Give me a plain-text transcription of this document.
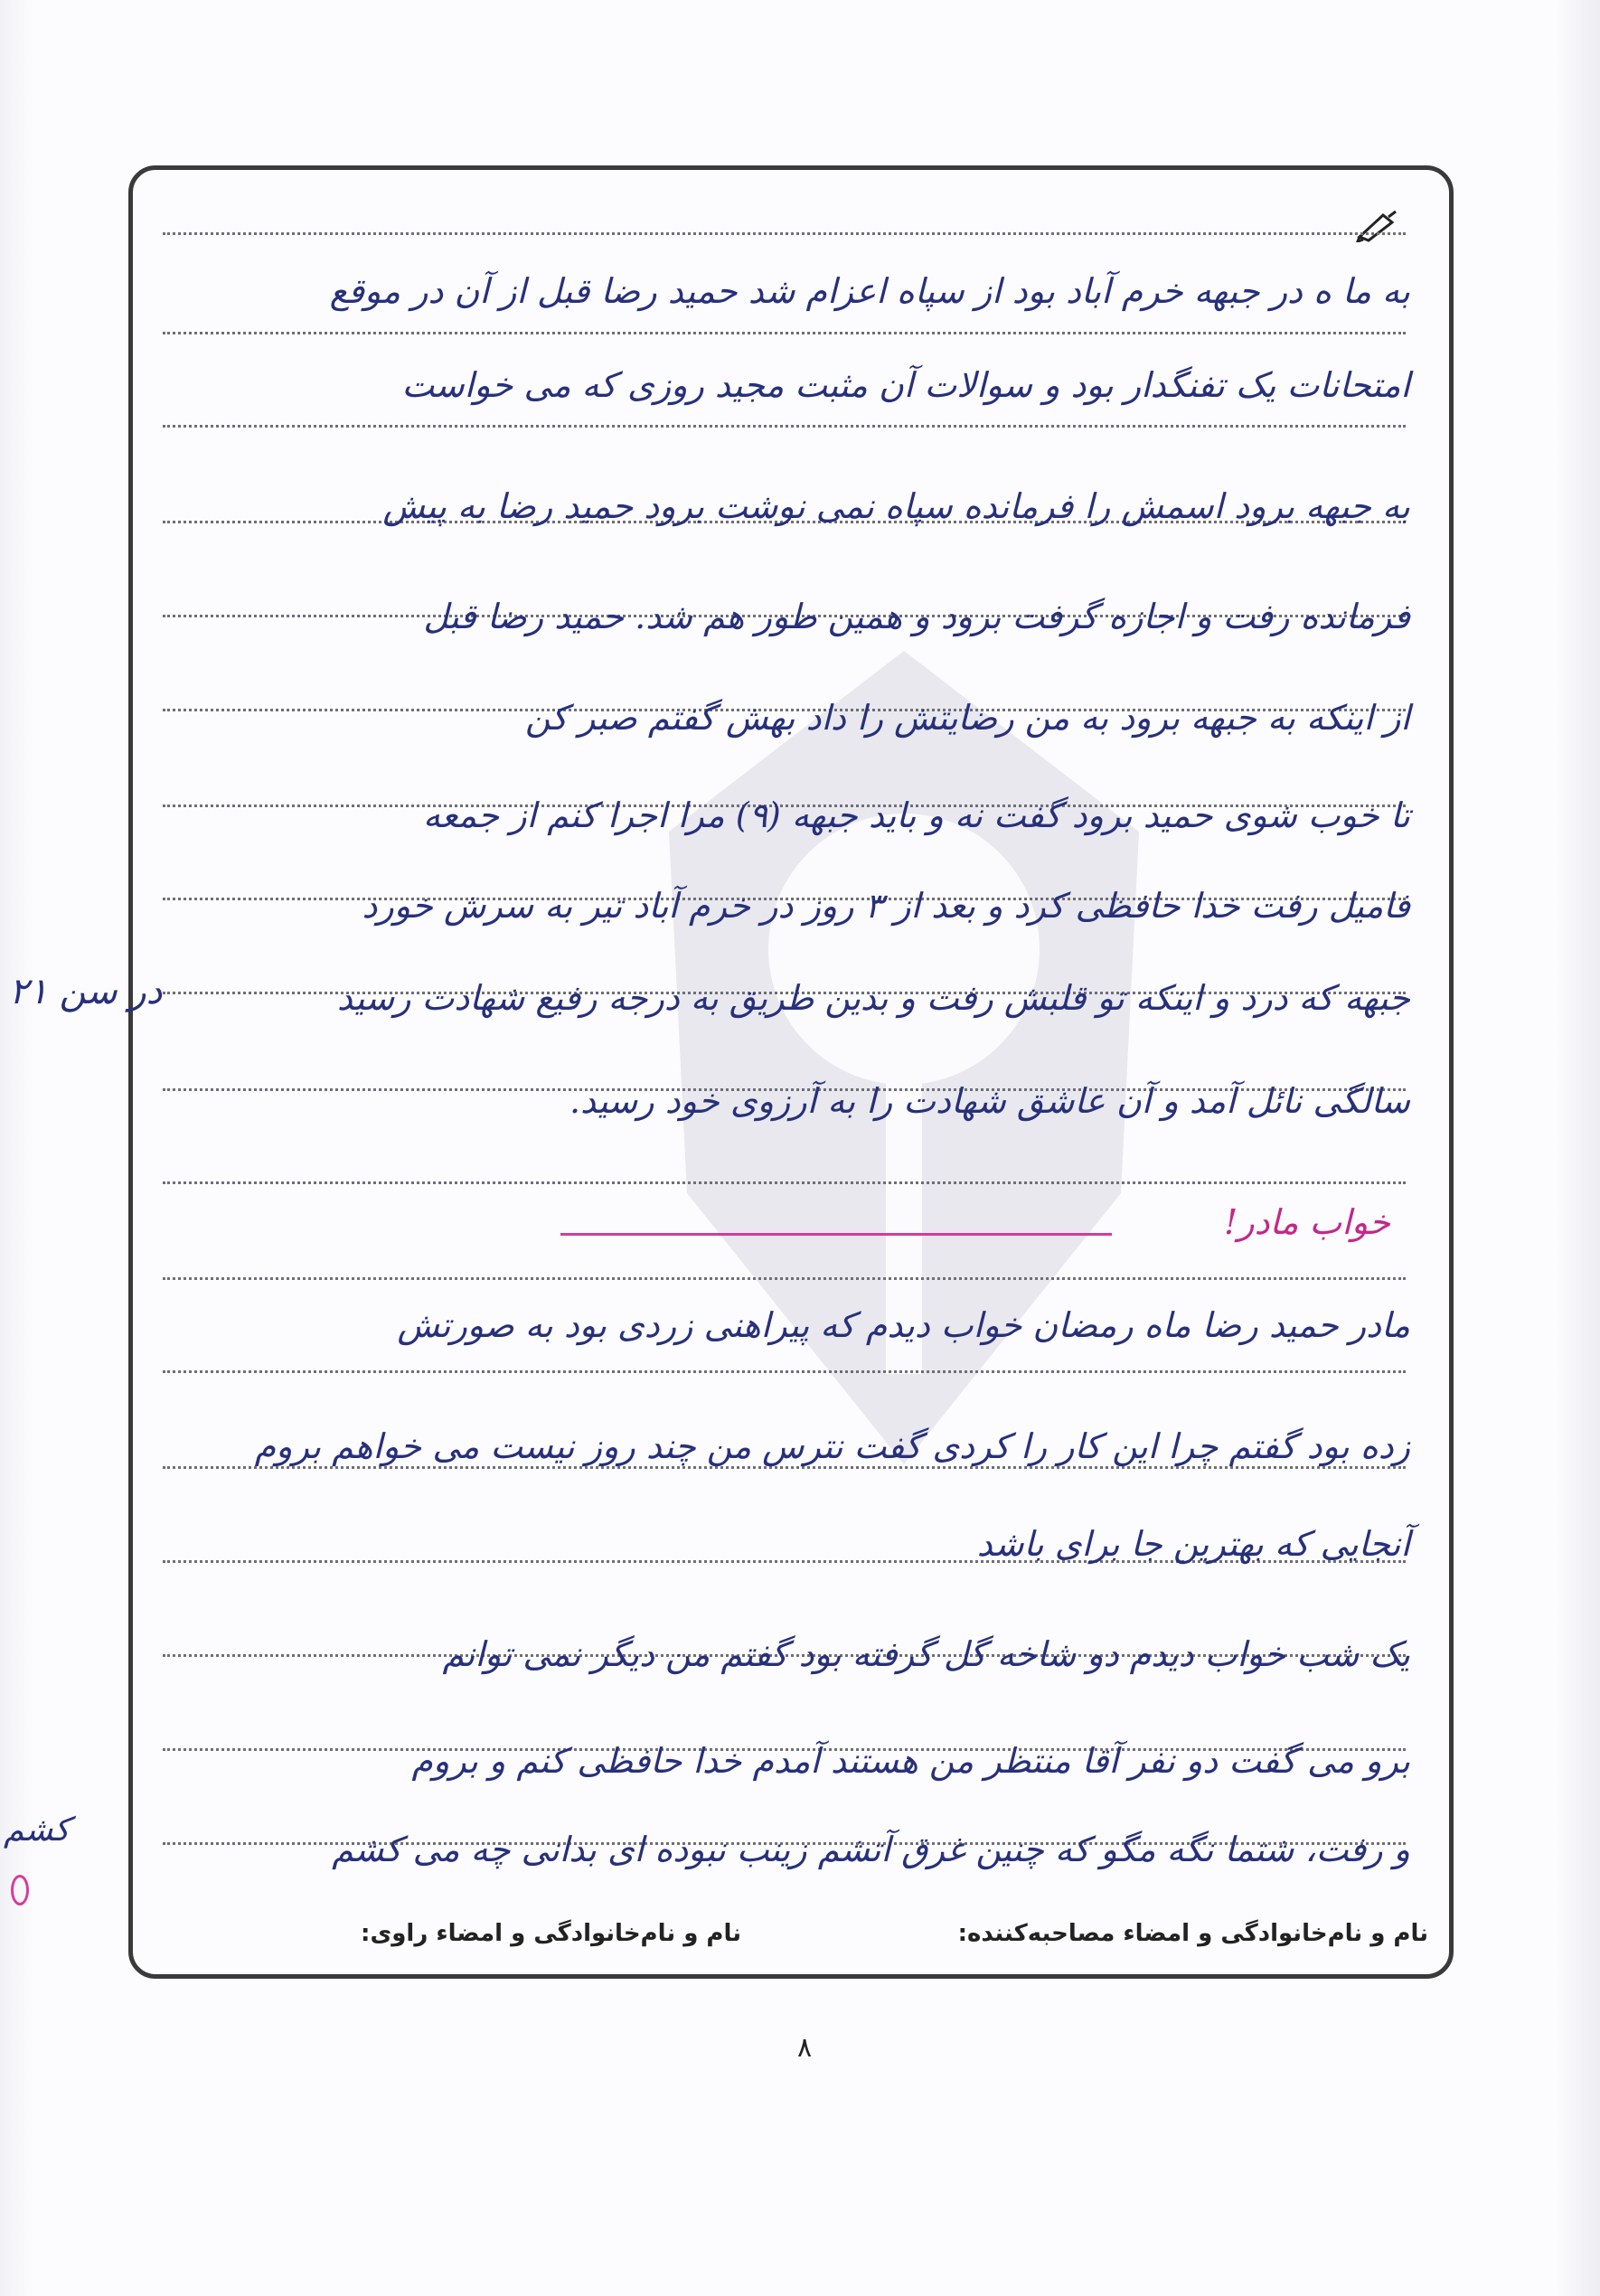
به ما ه در جبهه خرم آباد بود از سپاه اعزام شد حمید رضا قبل از آن در موقع
امتحانات یک تفنگدار بود و سوالات آن مثبت مجید روزی که می خواست
به جبهه برود اسمش را فرمانده سپاه نمی نوشت برود حمید رضا به پیش
فرمانده رفت و اجازه گرفت برود و همین طور هم شد. حمید رضا قبل
از اینکه به جبهه برود به من رضایتش را داد بهش گفتم صبر کن
تا خوب شوی حمید برود گفت نه و باید جبهه (۹) مرا اجرا کنم از جمعه
فامیل رفت خدا حافظی کرد و بعد از ۳ روز در خرم آباد تیر به سرش خورد
جبهه که درد و اینکه تو قلبش رفت و بدین طریق به درجه رفیع شهادت رسید
سالگی نائل آمد و آن عاشق شهادت را به آرزوی خود رسید.
خواب مادر!
مادر حمید رضا ماه رمضان خواب دیدم که پیراهنی زردی بود به صورتش
زده بود گفتم چرا این کار را کردی گفت نترس من چند روز نیست می خواهم بروم
آنجایی که بهترین جا برای باشد
یک شب خواب دیدم دو شاخه گل گرفته بود گفتم من دیگر نمی توانم
برو می گفت دو نفر آقا منتظر من هستند آمدم خدا حافظی کنم و بروم
و رفت، شتما نگه مگو که چنین غرق آتشم زینب نبوده ای بدانی چه می کشم
در سن ۲۱
کشم
نام و نام‌خانوادگی و امضاء مصاحبه‌کننده:
نام و نام‌خانوادگی و امضاء راوی:
۸
